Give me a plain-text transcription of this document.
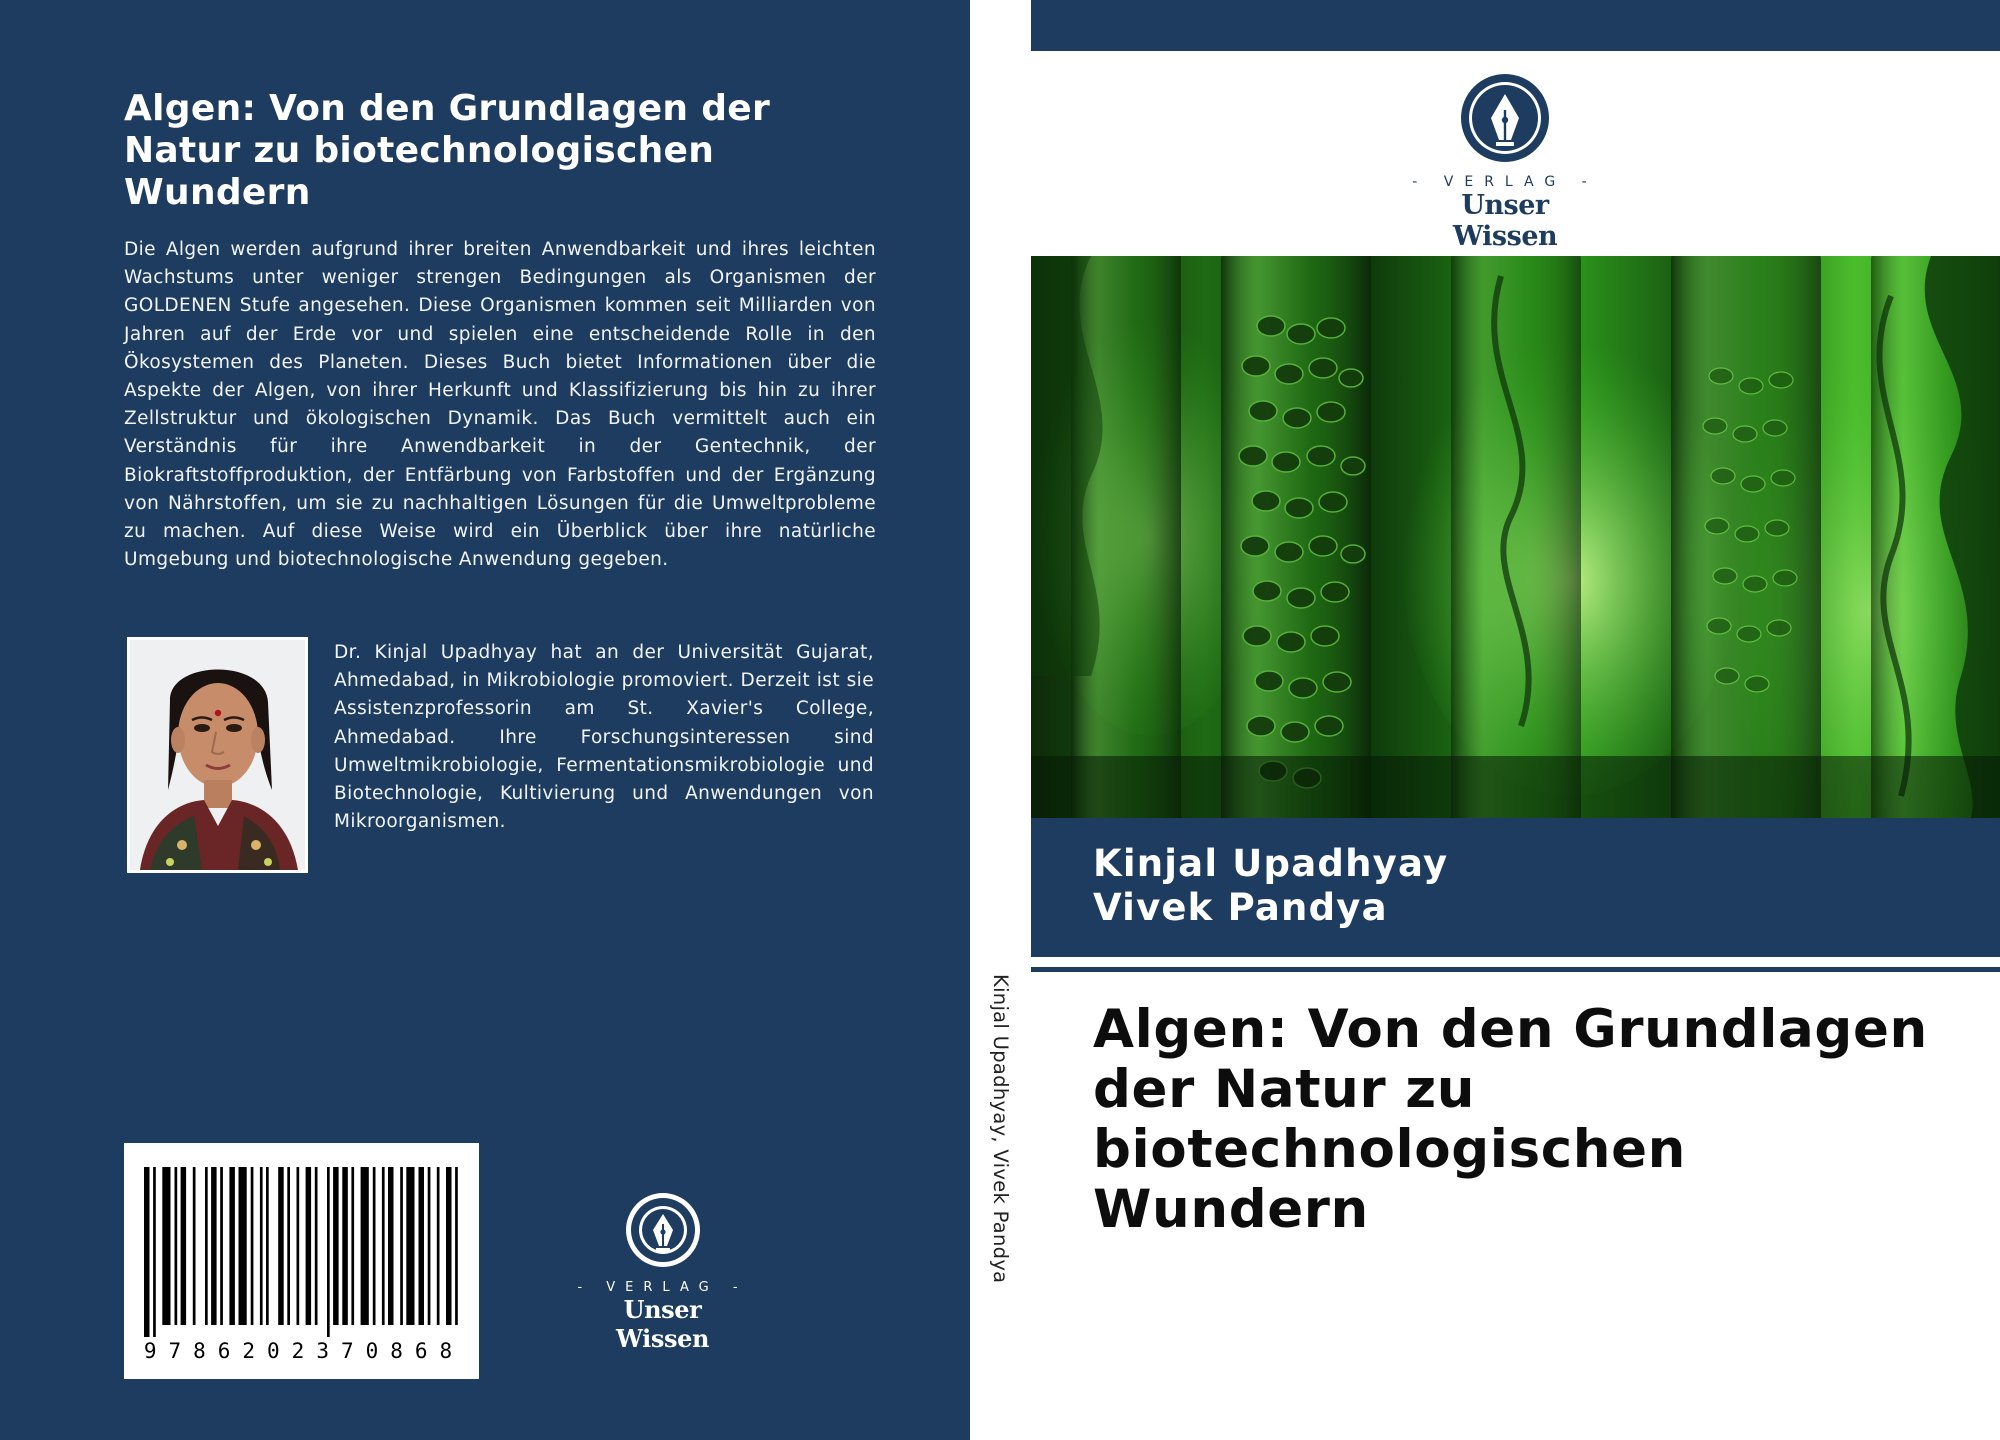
Algen: Von den Grundlagen der Natur zu biotechnologischen Wundern
Die Algen werden aufgrund ihrer breiten Anwendbarkeit und ihres leichten Wachstums unter weniger strengen Bedingungen als Organismen der GOLDENEN Stufe angesehen. Diese Organismen kommen seit Milliarden von Jahren auf der Erde vor und spielen eine entscheidende Rolle in den Ökosystemen des Planeten. Dieses Buch bietet Informationen über die Aspekte der Algen, von ihrer Herkunft und Klassifizierung bis hin zu ihrer Zellstruktur und ökologischen Dynamik. Das Buch vermittelt auch ein Verständnis für ihre Anwendbarkeit in der Gentechnik, der Biokraftstoffproduktion, der Entfärbung von Farbstoffen und der Ergänzung von Nährstoffen, um sie zu nachhaltigen Lösungen für die Umweltprobleme zu machen. Auf diese Weise wird ein Überblick über ihre natürliche Umgebung und biotechnologische Anwendung gegeben.
Dr. Kinjal Upadhyay hat an der Universität Gujarat, Ahmedabad, in Mikrobiologie promoviert. Derzeit ist sie Assistenzprofessorin am St. Xavier's College, Ahmedabad. Ihre Forschungsinteressen sind Umweltmikrobiologie, Fermentationsmikrobiologie und Biotechnologie, Kultivierung und Anwendungen von Mikroorganismen.
9786202370868
- VERLAG -
Unser Wissen
Kinjal Upadhyay, Vivek Pandya
- VERLAG -
Unser Wissen
Kinjal Upadhyay
Vivek Pandya
Algen: Von den Grundlagen der Natur zu biotechnologischen Wundern
